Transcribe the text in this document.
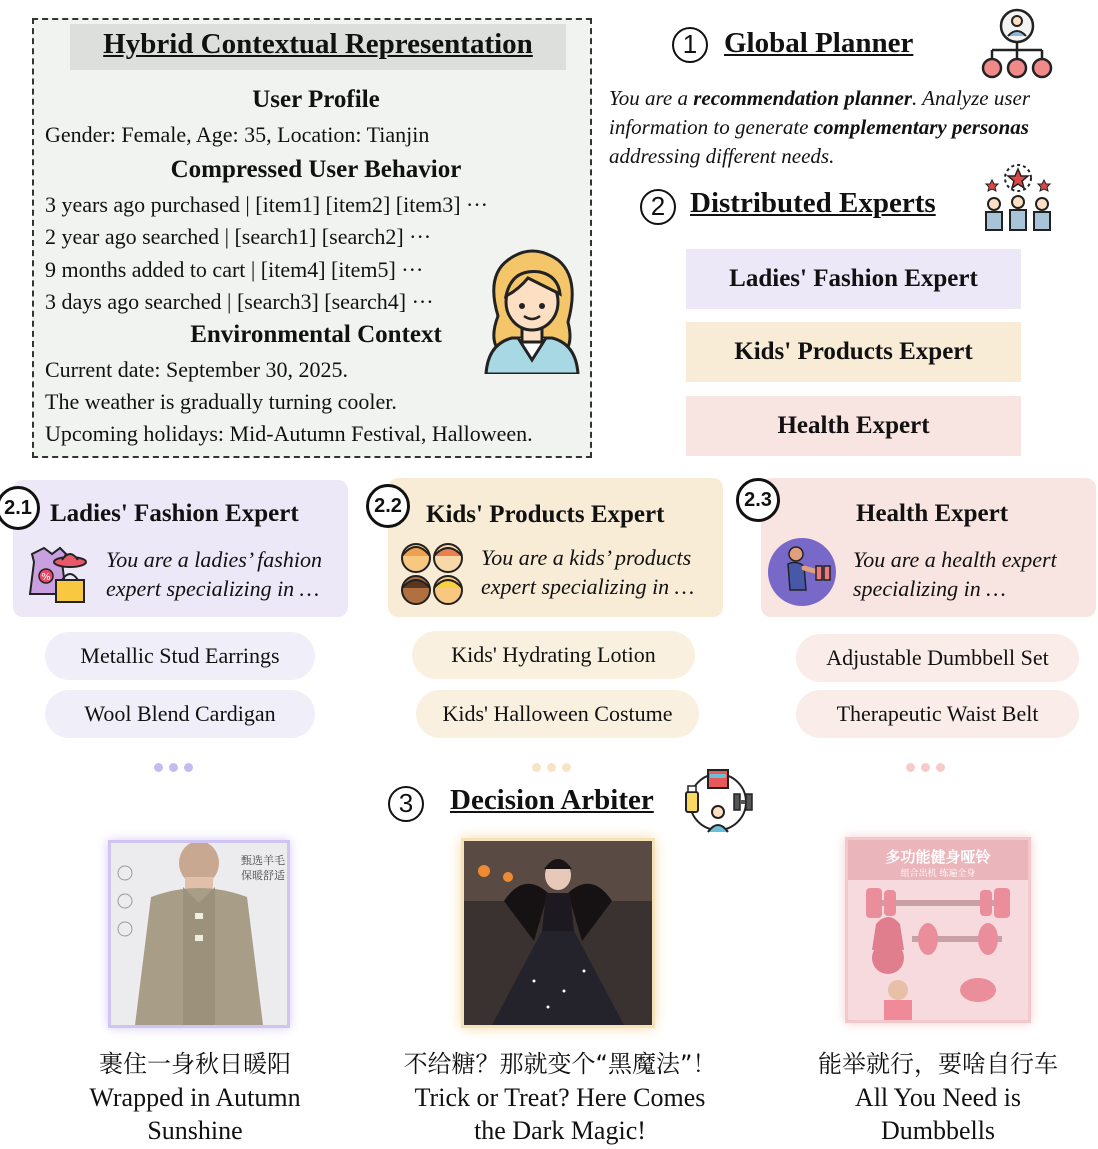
Hybrid Contextual Representation
User Profile
Gender: Female, Age: 35, Location: Tianjin
Compressed User Behavior
3 years ago purchased | [item1] [item2] [item3] ···
2 year ago searched | [search1] [search2] ···
9 months added to cart | [item4] [item5] ···
3 days ago searched | [search3] [search4] ···
Environmental Context
Current date: September 30, 2025.
The weather is gradually turning cooler.
Upcoming holidays: Mid-Autumn Festival, Halloween.
1 Global Planner
You are a recommendation planner. Analyze user information to generate complementary personas addressing different needs.
2 Distributed Experts
Ladies' Fashion Expert
Kids' Products Expert
Health Expert
2.1 Ladies' Fashion Expert
%
You are a ladies’ fashion
expert specializing in …
2.2 Kids' Products Expert
You are a kids’ products
expert specializing in …
2.3	Health Expert
You are a health expert
specializing in …
Metallic Stud Earrings
Wool Blend Cardigan
Kids' Hydrating Lotion
Kids' Halloween Costume
Adjustable Dumbbell Set
Therapeutic Waist Belt
3	Decision Arbiter
甄选羊毛
保暖舒适
多功能健身哑铃
组合出机 练遍全身
裹住一身秋日暖阳
Wrapped in Autumn
Sunshine
不给糖？那就变个“黑魔法”！
Trick or Treat? Here Comes
the Dark Magic!
能举就行，要啥自行车
All You Need is
Dumbbells
